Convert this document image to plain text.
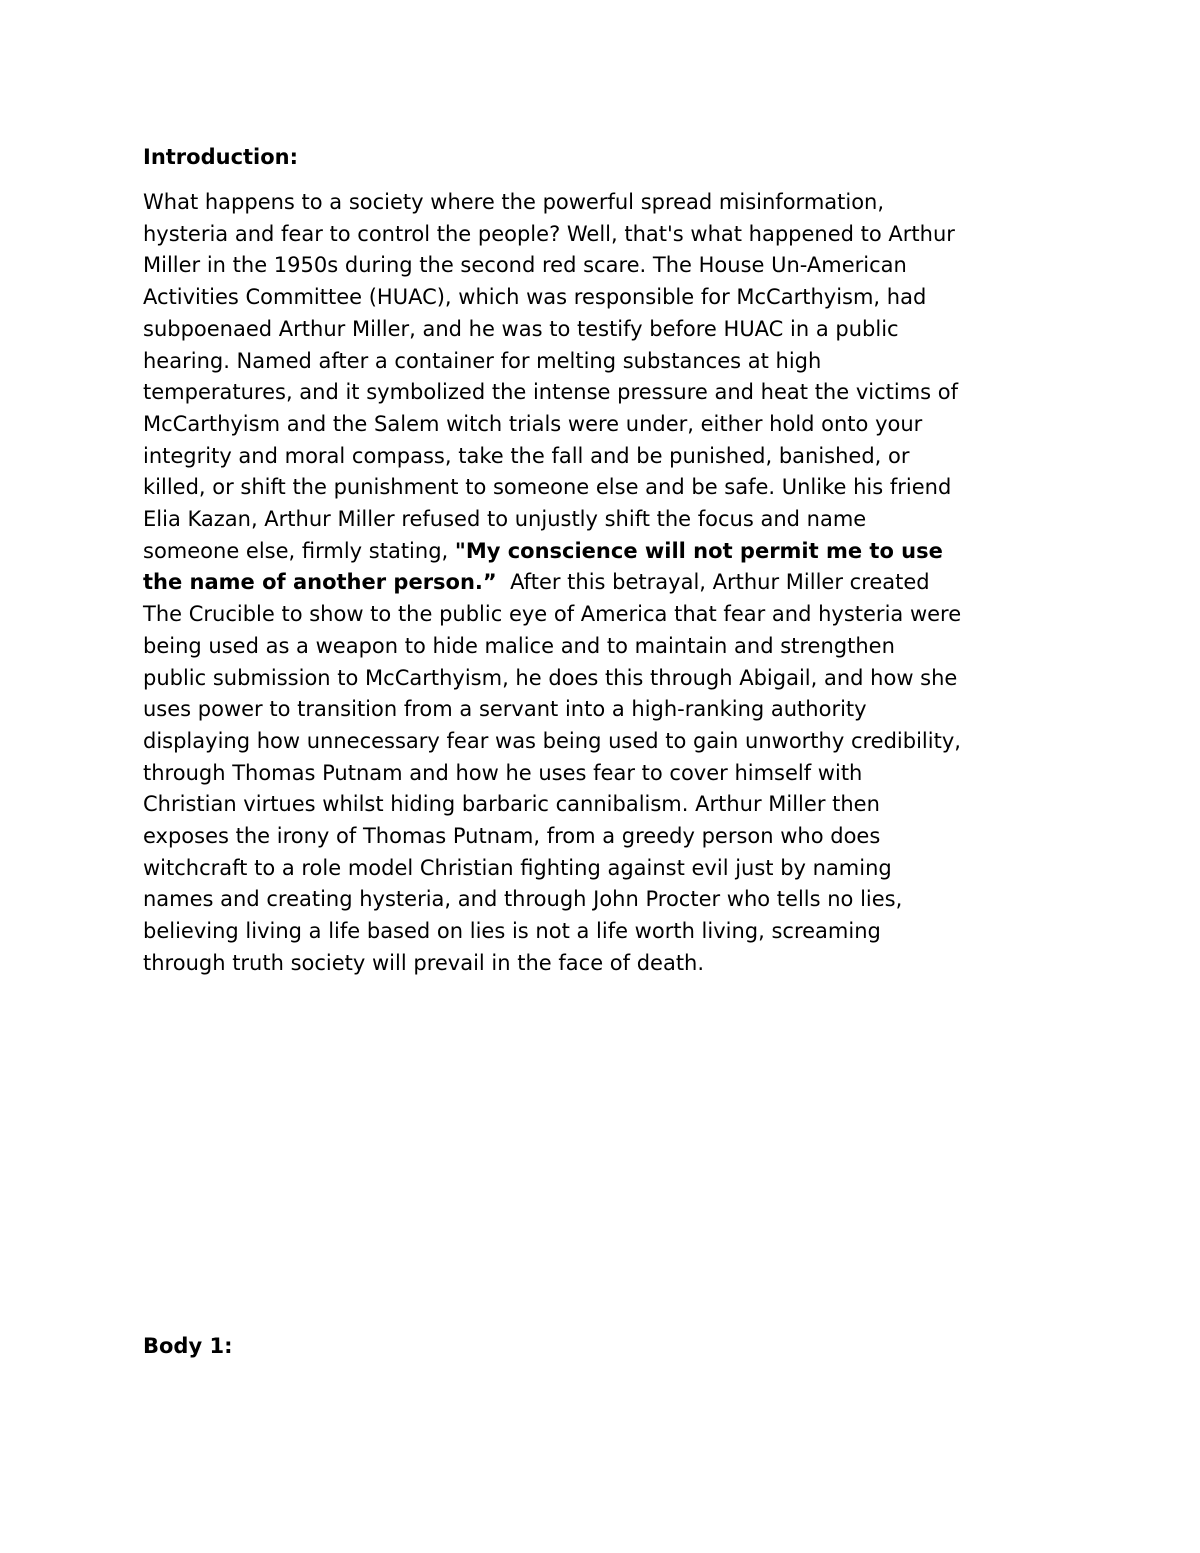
Introduction:

What happens to a society where the powerful spread misinformation,
hysteria and fear to control the people? Well, that's what happened to Arthur
Miller in the 1950s during the second red scare. The House Un-American
Activities Committee (HUAC), which was responsible for McCarthyism, had
subpoenaed Arthur Miller, and he was to testify before HUAC in a public
hearing. Named after a container for melting substances at high
temperatures, and it symbolized the intense pressure and heat the victims of
McCarthyism and the Salem witch trials were under, either hold onto your
integrity and moral compass, take the fall and be punished, banished, or
killed, or shift the punishment to someone else and be safe. Unlike his friend
Elia Kazan, Arthur Miller refused to unjustly shift the focus and name
someone else, firmly stating, "My conscience will not permit me to use
the name of another person.”  After this betrayal, Arthur Miller created
The Crucible to show to the public eye of America that fear and hysteria were
being used as a weapon to hide malice and to maintain and strengthen
public submission to McCarthyism, he does this through Abigail, and how she
uses power to transition from a servant into a high-ranking authority
displaying how unnecessary fear was being used to gain unworthy credibility,
through Thomas Putnam and how he uses fear to cover himself with
Christian virtues whilst hiding barbaric cannibalism. Arthur Miller then
exposes the irony of Thomas Putnam, from a greedy person who does
witchcraft to a role model Christian fighting against evil just by naming
names and creating hysteria, and through John Procter who tells no lies,
believing living a life based on lies is not a life worth living, screaming
through truth society will prevail in the face of death.

Body 1:
